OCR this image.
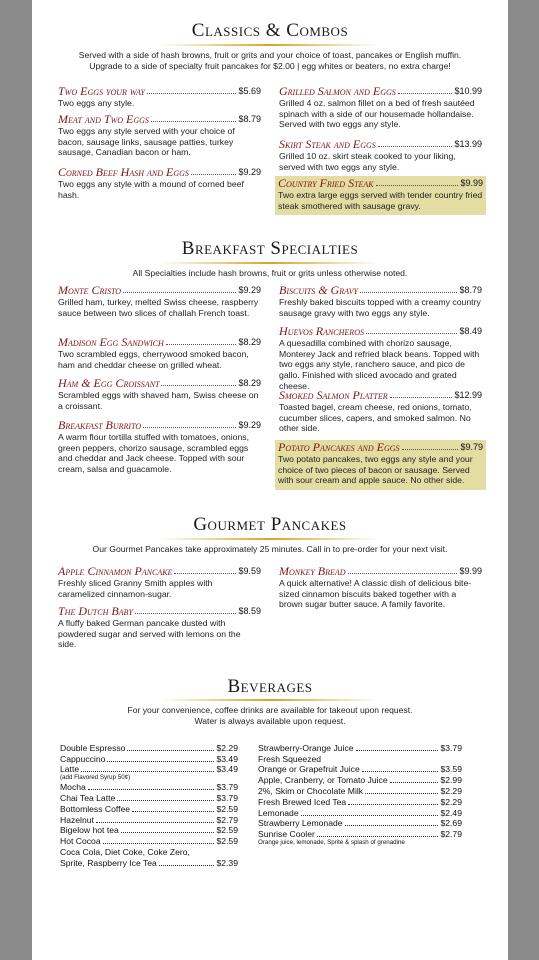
Classics & Combos
Served with a side of hash browns, fruit or grits and your choice of toast, pancakes or English muffin.
Upgrade to a side of specialty fruit pancakes for $2.00 | egg whites or beaters, no extra charge!
Two Eggs your way	$5.69
Two eggs any style.
Meat and Two Eggs	$8.79
Two eggs any style served with your choice of bacon, sausage links, sausage patties, turkey sausage, Canadian bacon or ham.
Corned Beef Hash and Eggs	$9.29
Two eggs any style with a mound of corned beef hash.
Grilled Salmon and Eggs	$10.99
Grilled 4 oz. salmon fillet on a bed of fresh sautéed spinach with a side of our housemade hollandaise. Served with two eggs any style.
Skirt Steak and Eggs	$13.99
Grilled 10 oz. skirt steak cooked to your liking, served with two eggs any style.
Country Fried Steak	$9.99
Two extra large eggs served with tender country fried steak smothered with sausage gravy.
Breakfast Specialties
All Specialties include hash browns, fruit or grits unless otherwise noted.
Monte Cristo	$9.29
Grilled ham, turkey, melted Swiss cheese, raspberry sauce between two slices of challah French toast.
Madison Egg Sandwich	$8.29
Two scrambled eggs, cherrywood smoked bacon, ham and cheddar cheese on grilled wheat.
Ham & Egg Croissant	$8.29
Scrambled eggs with shaved ham, Swiss cheese on a croissant.
Breakfast Burrito	$9.29
A warm flour tortilla stuffed with tomatoes, onions, green peppers, chorizo sausage, scrambled eggs and cheddar and Jack cheese. Topped with sour cream, salsa and guacamole.
Biscuits & Gravy	$8.79
Freshly baked biscuits topped with a creamy country sausage gravy with two eggs any style.
Huevos Rancheros	$8.49
A quesadilla combined with chorizo sausage, Monterey Jack and refried black beans. Topped with two eggs any style, ranchero sauce, and pico de gallo. Finished with sliced avocado and grated cheese.
Smoked Salmon Platter	$12.99
Toasted bagel, cream cheese, red onions, tomato, cucumber slices, capers, and smoked salmon. No other side.
Potato Pancakes and Eggs	$9.79
Two potato pancakes, two eggs any style and your choice of two pieces of bacon or sausage. Served with sour cream and apple sauce. No other side.
Gourmet Pancakes
Our Gourmet Pancakes take approximately 25 minutes. Call in to pre-order for your next visit.
Apple Cinnamon Pancake	$9.59
Freshly sliced Granny Smith apples with caramelized cinnamon-sugar.
The Dutch Baby	$8.59
A fluffy baked German pancake dusted with powdered sugar and served with lemons on the side.
Monkey Bread	$9.99
A quick alternative! A classic dish of delicious bite-sized cinnamon biscuits baked together with a brown sugar butter sauce. A family favorite.
Beverages
For your convenience, coffee drinks are available for takeout upon request.
Water is always available upon request.
Double Espresso	$2.29
Cappuccino	$3.49
Latte	$3.49
(add Flavored Syrup 50¢)
Mocha	$3.79
Chai Tea Latte	$3.79
Bottomless Coffee	$2.59
Hazelnut	$2.79
Bigelow hot tea	$2.59
Hot Cocoa	$2.59
Coca Cola, Diet Coke, Coke Zero,
Sprite, Raspberry Ice Tea	$2.39
Strawberry-Orange Juice	$3.79
Fresh Squeezed
Orange or Grapefruit Juice	$3.59
Apple, Cranberry, or Tomato Juice	$2.99
2%, Skim or Chocolate Milk	$2.29
Fresh Brewed Iced Tea	$2.29
Lemonade	$2.49
Strawberry Lemonade	$2.69
Sunrise Cooler	$2.79
Orange juice, lemonade, Sprite & splash of grenadine
